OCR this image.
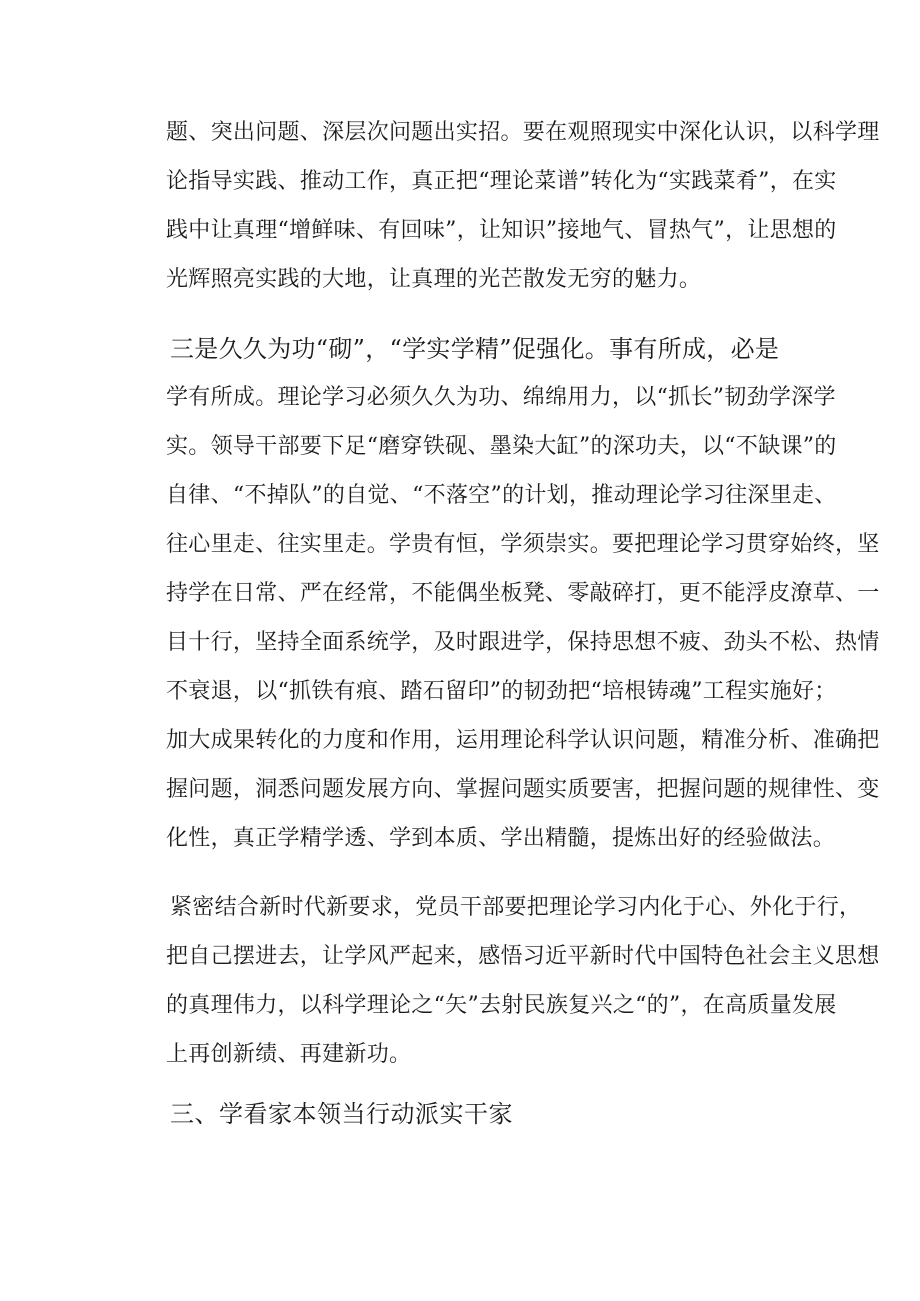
题、突出问题、深层次问题出实招。要在观照现实中深化认识，以科学理
论指导实践、推动工作，真正把“理论菜谱”转化为“实践菜肴”，在实
践中让真理“增鲜味、有回味”，让知识”接地气、冒热气”，让思想的
光辉照亮实践的大地，让真理的光芒散发无穷的魅力。
三是久久为功“砌”，“学实学精”促强化。事有所成，必是
学有所成。理论学习必须久久为功、绵绵用力，以“抓长”韧劲学深学
实。领导干部要下足“磨穿铁砚、墨染大缸”的深功夫，以“不缺课”的
自律、“不掉队”的自觉、“不落空”的计划，推动理论学习往深里走、
往心里走、往实里走。学贵有恒，学须崇实。要把理论学习贯穿始终，坚
持学在日常、严在经常，不能偶坐板凳、零敲碎打，更不能浮皮潦草、一
目十行，坚持全面系统学，及时跟进学，保持思想不疲、劲头不松、热情
不衰退，以“抓铁有痕、踏石留印”的韧劲把“培根铸魂”工程实施好；
加大成果转化的力度和作用，运用理论科学认识问题，精准分析、准确把
握问题，洞悉问题发展方向、掌握问题实质要害，把握问题的规律性、变
化性，真正学精学透、学到本质、学出精髓，提炼出好的经验做法。
紧密结合新时代新要求，党员干部要把理论学习内化于心、外化于行，
把自己摆进去，让学风严起来，感悟习近平新时代中国特色社会主义思想
的真理伟力，以科学理论之“矢”去射民族复兴之“的”，在高质量发展
上再创新绩、再建新功。
三、学看家本领当行动派实干家
